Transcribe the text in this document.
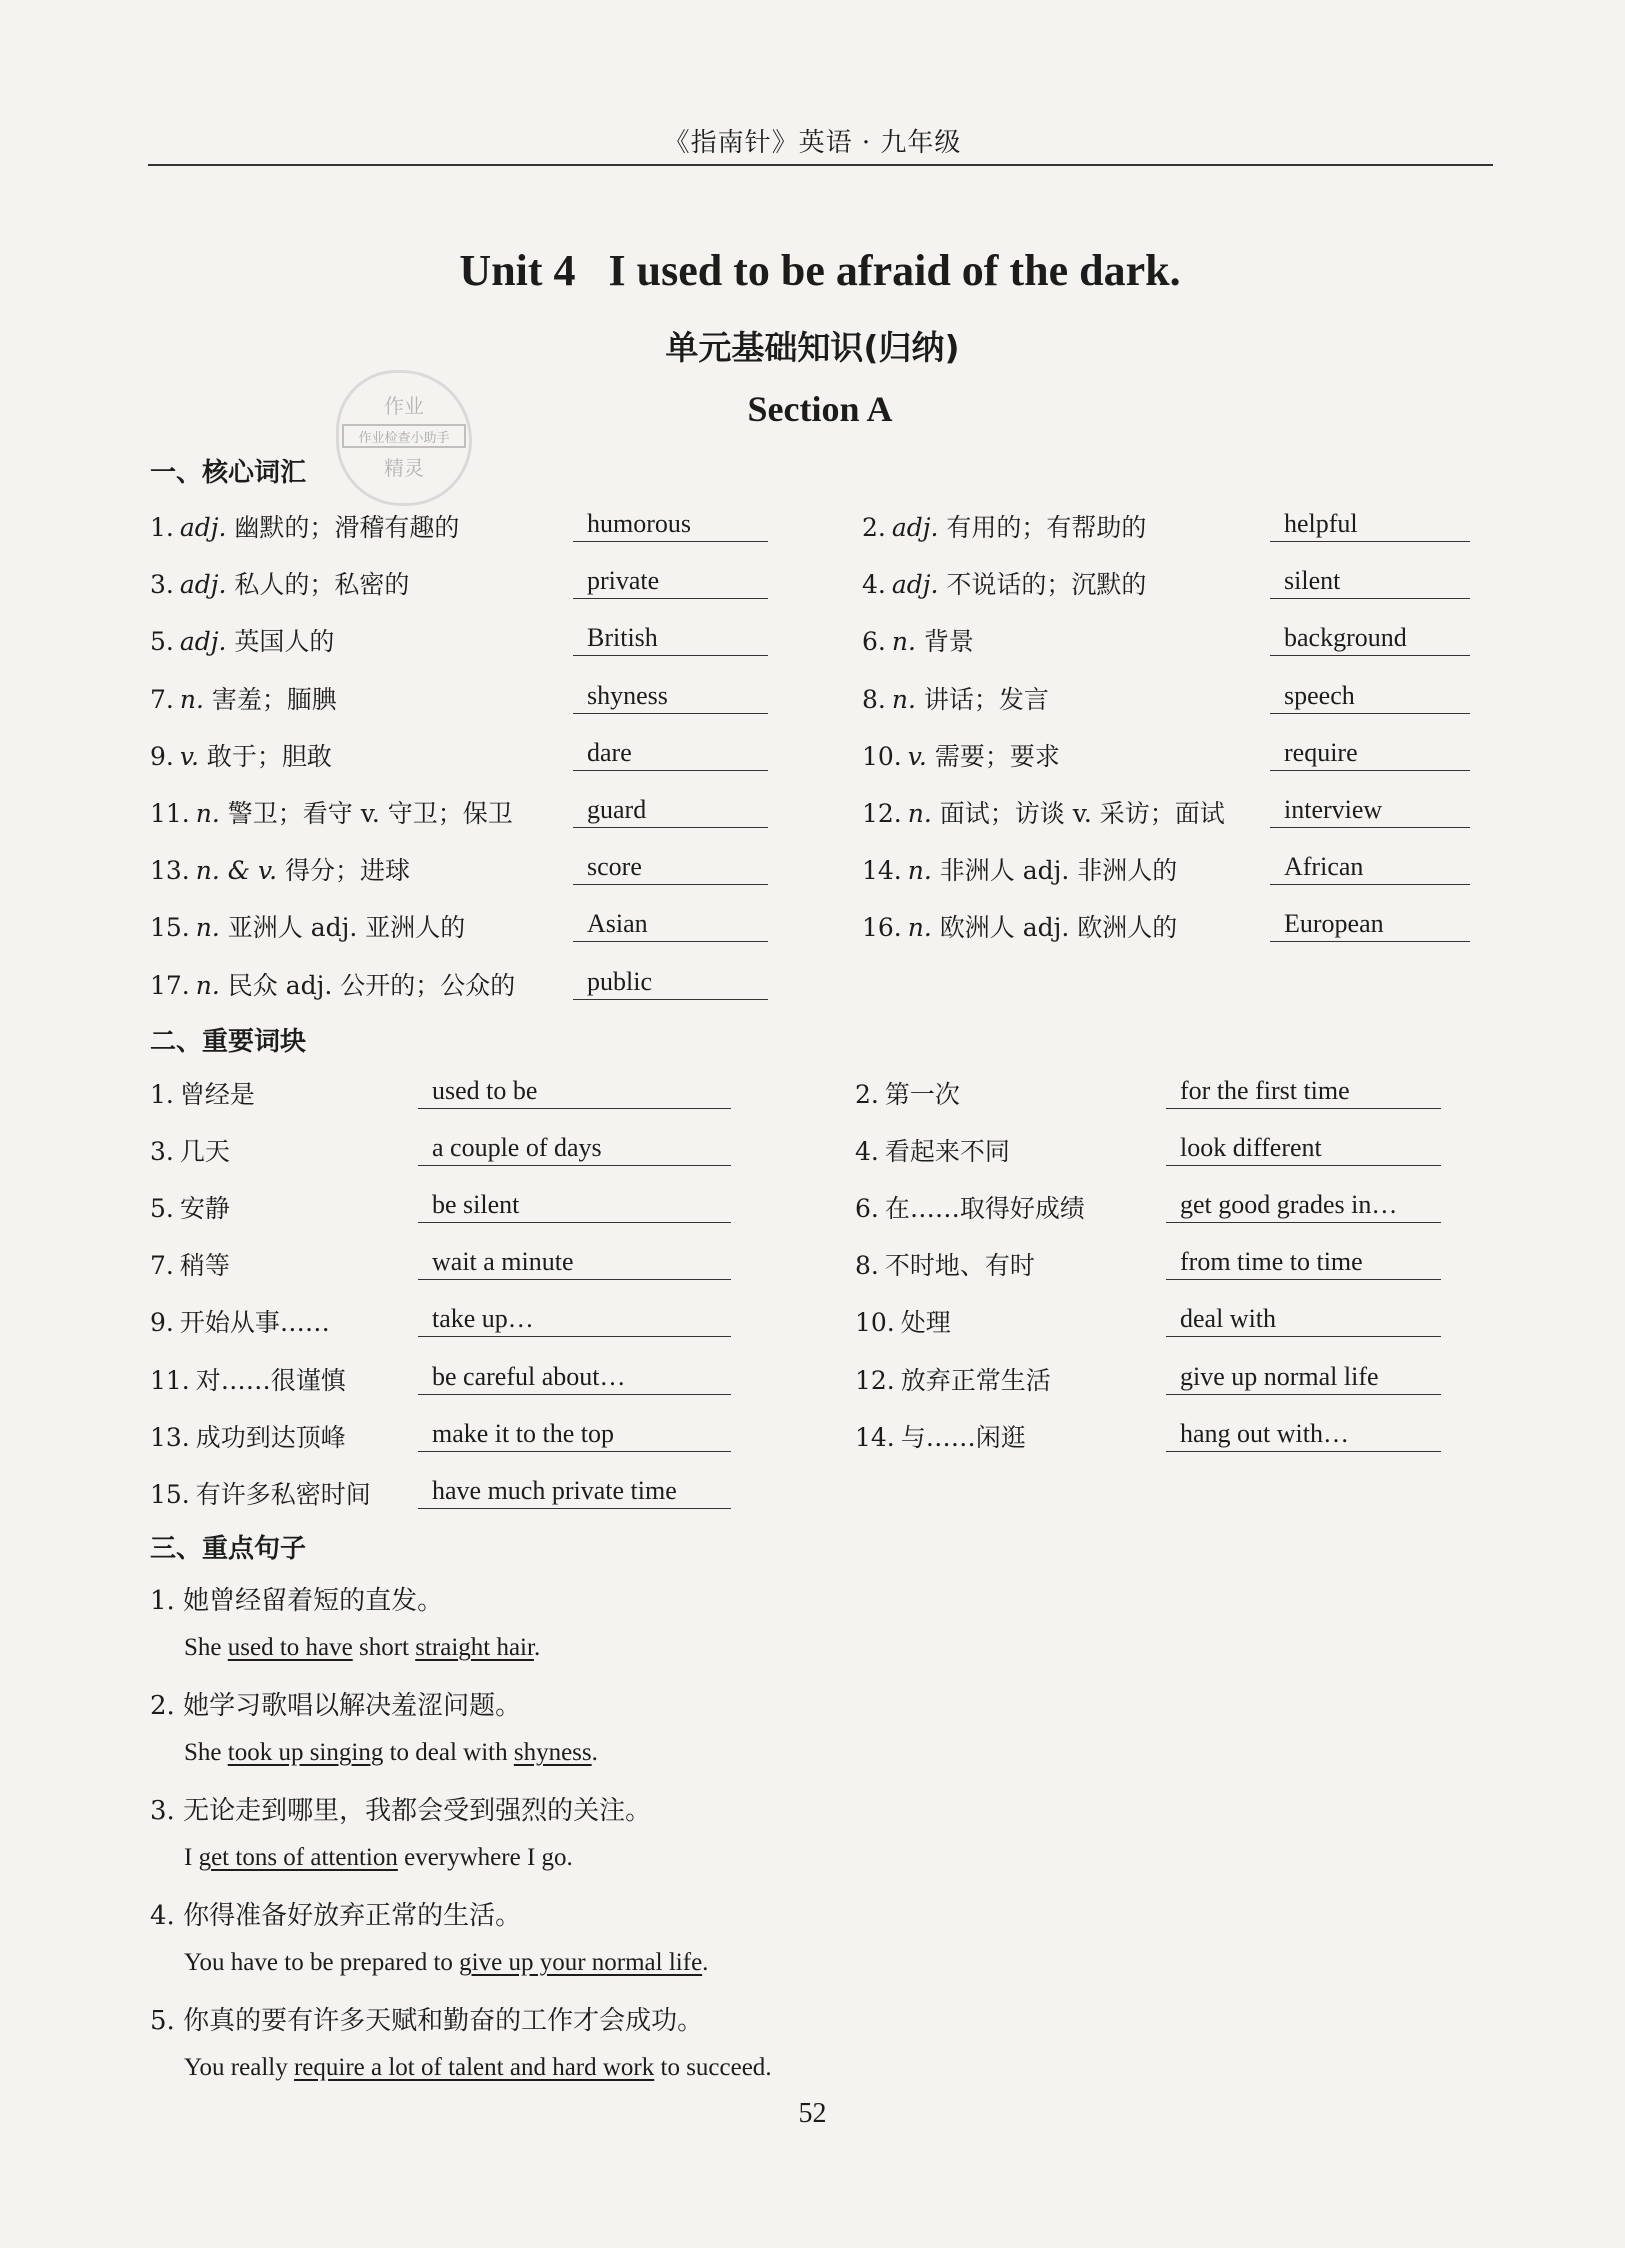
《指南针》英语 · 九年级
作业
作业检查小助手
精灵
Unit 4   I used to be afraid of the dark.
单元基础知识(归纳)
Section A
一、核心词汇
1. adj. 幽默的；滑稽有趣的	humorous	2. adj. 有用的；有帮助的	helpful
3. adj. 私人的；私密的	private	4. adj. 不说话的；沉默的	silent
5. adj. 英国人的	British	6. n. 背景	background
7. n. 害羞；腼腆	shyness	8. n. 讲话；发言	speech
9. v. 敢于；胆敢	dare	10. v. 需要；要求	require
11. n. 警卫；看守 v. 守卫；保卫	guard	12. n. 面试；访谈 v. 采访；面试	interview
13. n. & v. 得分；进球	score	14. n. 非洲人 adj. 非洲人的	African
15. n. 亚洲人 adj. 亚洲人的	Asian	16. n. 欧洲人 adj. 欧洲人的	European
17. n. 民众 adj. 公开的；公众的	public
二、重要词块
1. 曾经是	used to be	2. 第一次	for the first time
3. 几天	a couple of days	4. 看起来不同	look different
5. 安静	be silent	6. 在……取得好成绩	get good grades in…
7. 稍等	wait a minute	8. 不时地、有时	from time to time
9. 开始从事……	take up…	10. 处理	deal with
11. 对……很谨慎	be careful about…	12. 放弃正常生活	give up normal life
13. 成功到达顶峰	make it to the top	14. 与……闲逛	hang out with…
15. 有许多私密时间	have much private time
三、重点句子
1. 她曾经留着短的直发。
She used to have short straight hair.
2. 她学习歌唱以解决羞涩问题。
She took up singing to deal with shyness.
3. 无论走到哪里，我都会受到强烈的关注。
I get tons of attention everywhere I go.
4. 你得准备好放弃正常的生活。
You have to be prepared to give up your normal life.
5. 你真的要有许多天赋和勤奋的工作才会成功。
You really require a lot of talent and hard work to succeed.
52
